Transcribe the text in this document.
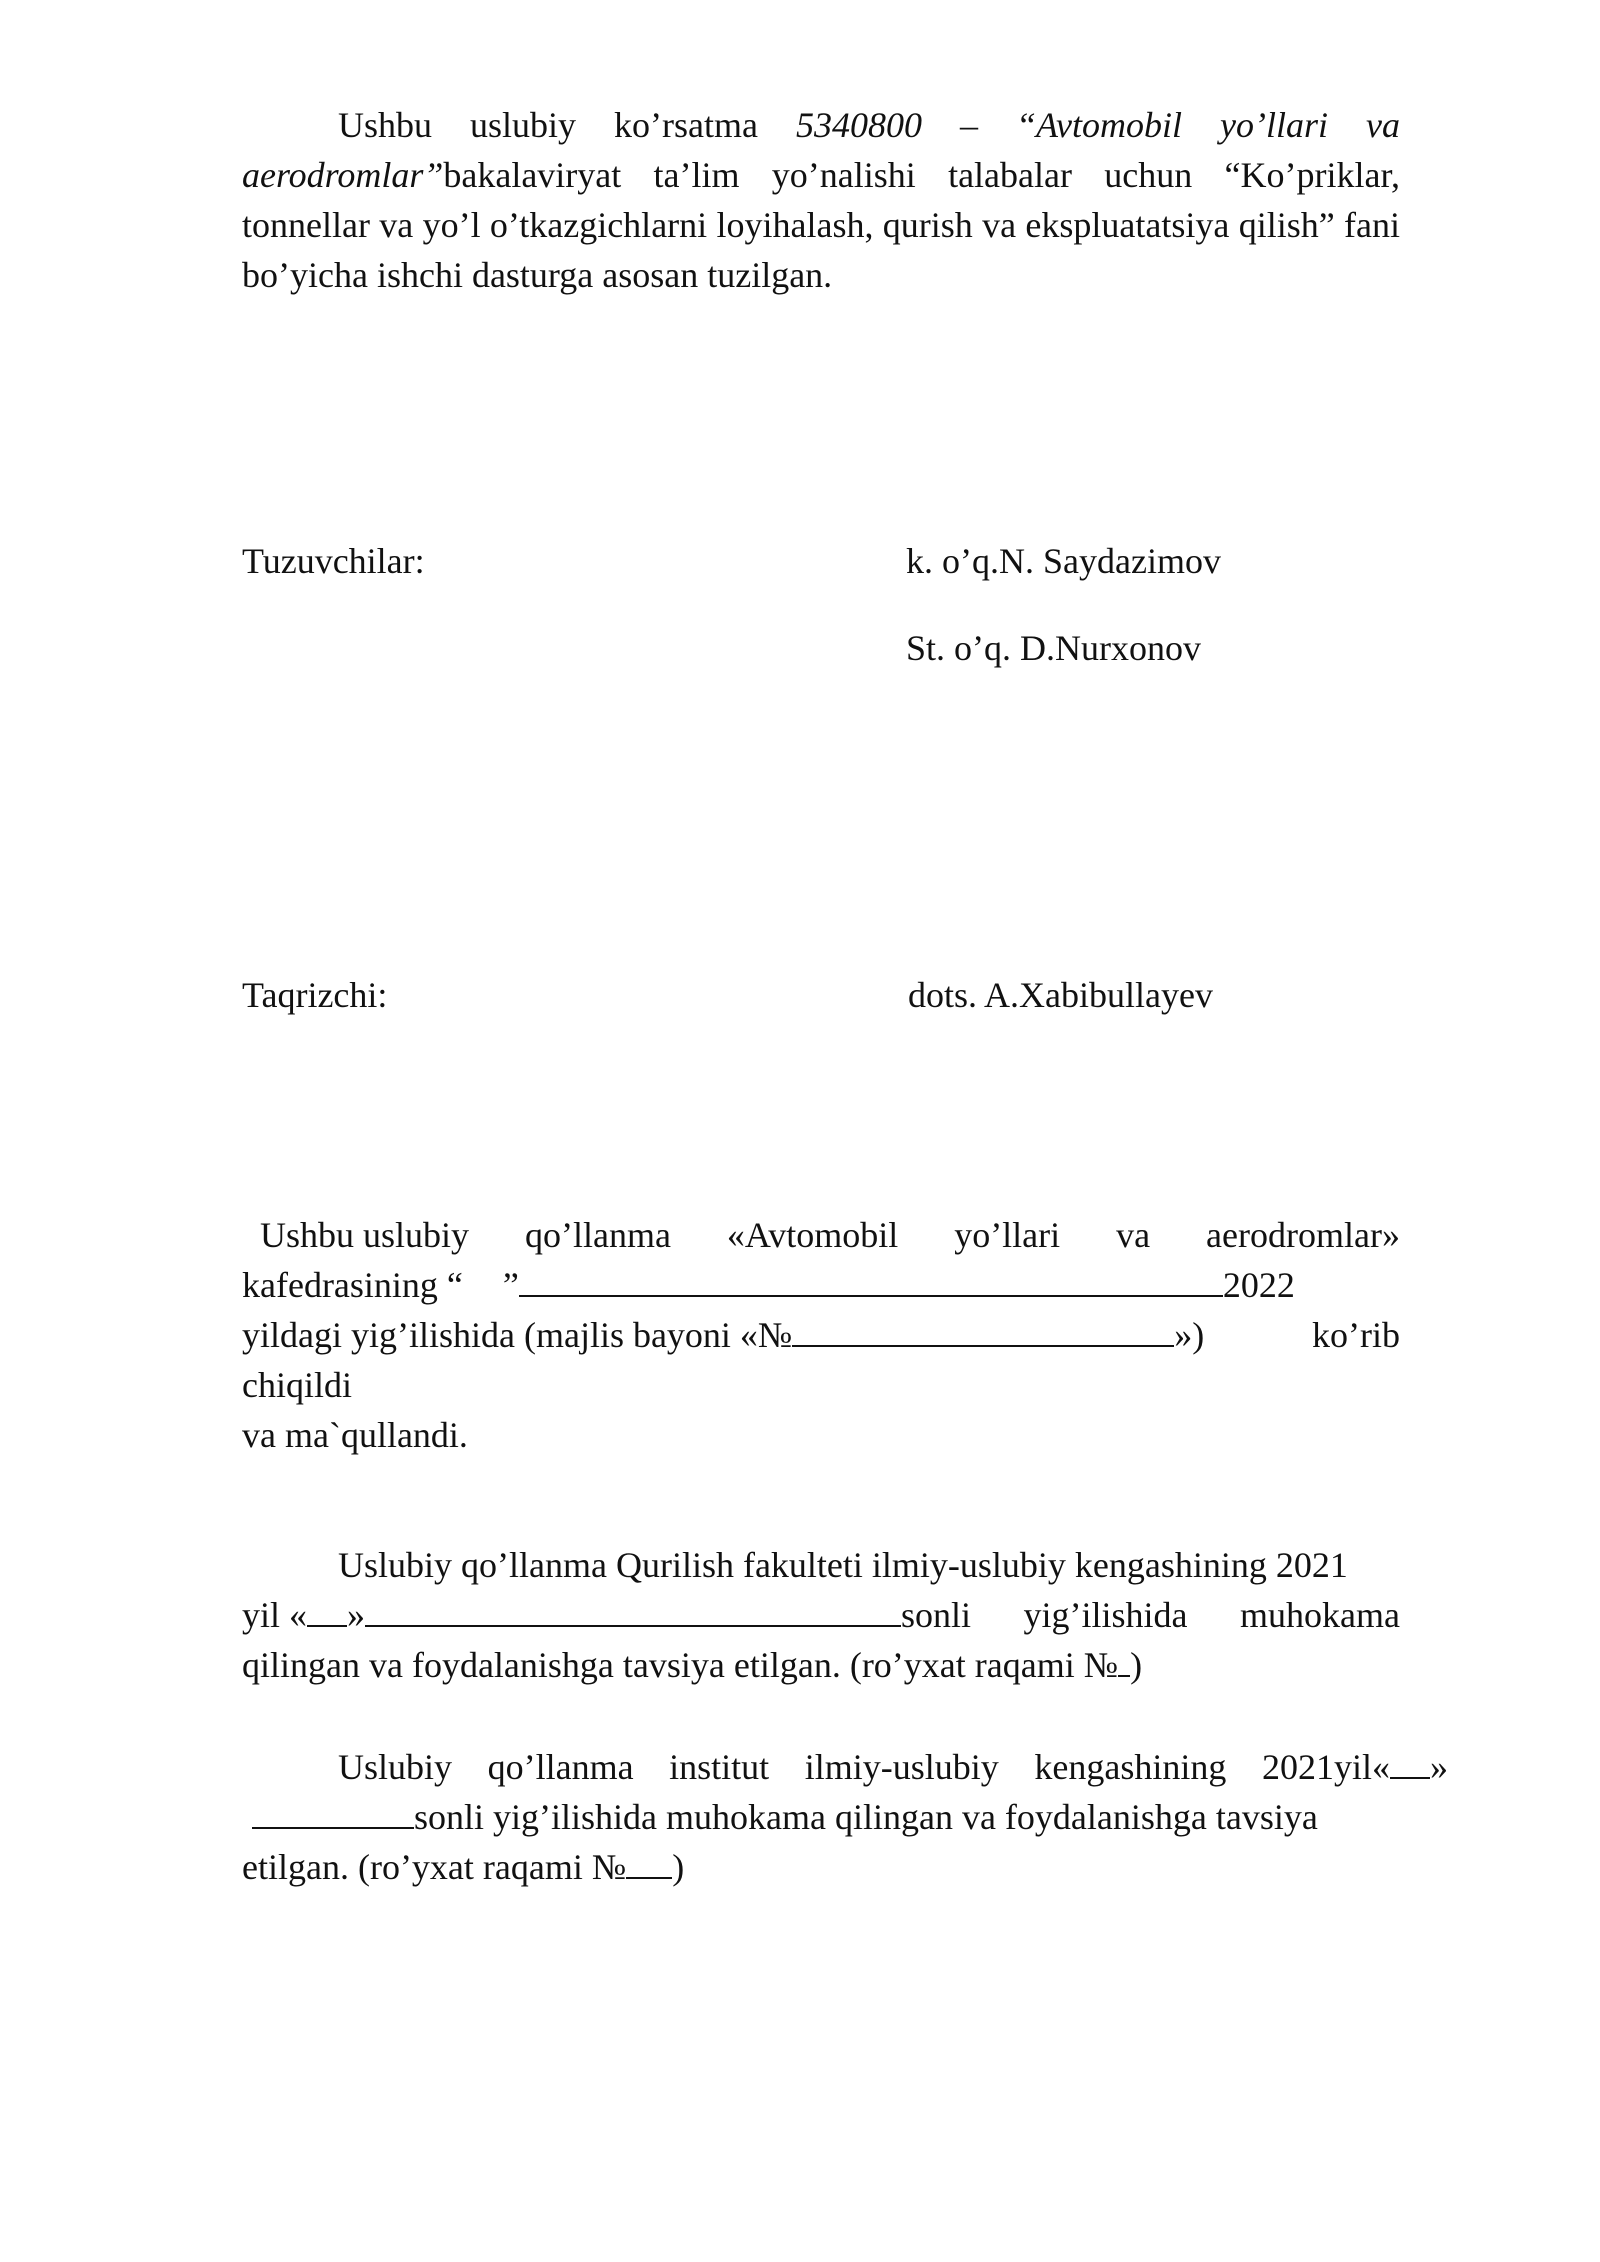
Ushbu uslubiy ko’rsatma 5340800 – “Avtomobil yo’llari va aerodromlar”bakalaviryat ta’lim yo’nalishi talabalar uchun “Ko’priklar, tonnellar va yo’l o’tkazgichlarni loyihalash, qurish va ekspluatatsiya qilish” fani bo’yicha ishchi dasturga asosan tuzilgan.

Tuzuvchilar:	k. o’q.N. Saydazimov
St. o’q. D.Nurxonov
Taqrizchi:	dots. A.Xabibullayev
Ushbu uslubiy qo’llanma «Avtomobil yo’llari va aerodromlar»
kafedrasining “ ”	2022
yildagi yig’ilishida (majlis bayoni «№	»)	ko’rib
chiqildi
va ma`qullandi.
Uslubiy qo’llanma Qurilish fakulteti ilmiy-uslubiy kengashining 2021
yil « »	sonli yig’ilishida muhokama
qilingan va foydalanishga tavsiya etilgan. (ro’yxat raqami № )
Uslubiy qo’llanma institut ilmiy-uslubiy kengashining 2021yil« »
sonli yig’ilishida muhokama qilingan va foydalanishga tavsiya
etilgan. (ro’yxat raqami № )
